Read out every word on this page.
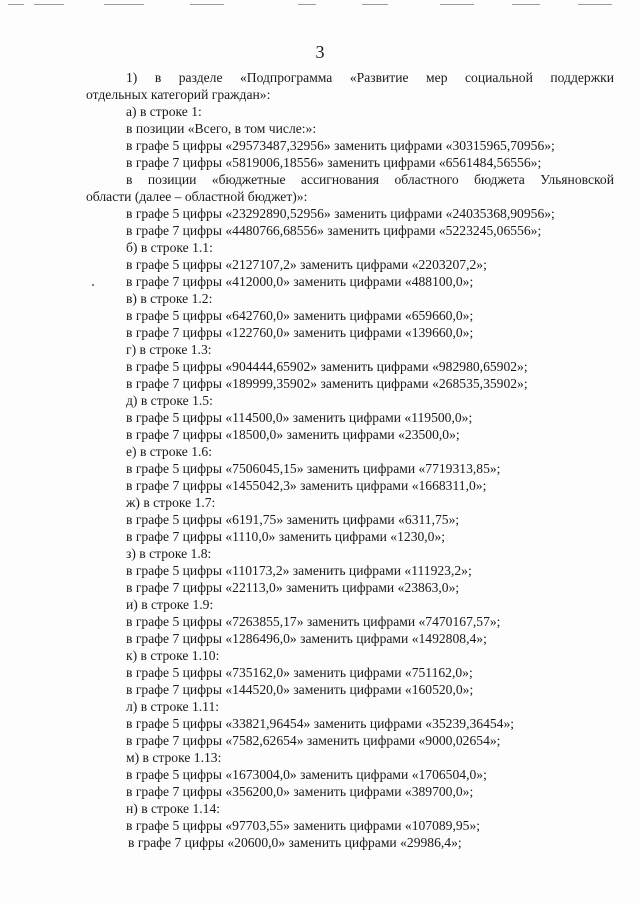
3
1) в разделе «Подпрограмма «Развитие мер социальной поддержки
отдельных категорий граждан»:
а) в строке 1:
в позиции «Всего, в том числе:»:
в графе 5 цифры «29573487,32956» заменить цифрами «30315965,70956»;
в графе 7 цифры «5819006,18556» заменить цифрами «6561484,56556»;
в позиции «бюджетные ассигнования областного бюджета Ульяновской
области (далее – областной бюджет)»:
в графе 5 цифры «23292890,52956» заменить цифрами «24035368,90956»;
в графе 7 цифры «4480766,68556» заменить цифрами «5223245,06556»;
б) в строке 1.1:
в графе 5 цифры «2127107,2» заменить цифрами «2203207,2»;
в графе 7 цифры «412000,0» заменить цифрами «488100,0»;
в) в строке 1.2:
в графе 5 цифры «642760,0» заменить цифрами «659660,0»;
в графе 7 цифры «122760,0» заменить цифрами «139660,0»;
г) в строке 1.3:
в графе 5 цифры «904444,65902» заменить цифрами «982980,65902»;
в графе 7 цифры «189999,35902» заменить цифрами «268535,35902»;
д) в строке 1.5:
в графе 5 цифры «114500,0» заменить цифрами «119500,0»;
в графе 7 цифры «18500,0» заменить цифрами «23500,0»;
е) в строке 1.6:
в графе 5 цифры «7506045,15» заменить цифрами «7719313,85»;
в графе 7 цифры «1455042,3» заменить цифрами «1668311,0»;
ж) в строке 1.7:
в графе 5 цифры «6191,75» заменить цифрами «6311,75»;
в графе 7 цифры «1110,0» заменить цифрами «1230,0»;
з) в строке 1.8:
в графе 5 цифры «110173,2» заменить цифрами «111923,2»;
в графе 7 цифры «22113,0» заменить цифрами «23863,0»;
и) в строке 1.9:
в графе 5 цифры «7263855,17» заменить цифрами «7470167,57»;
в графе 7 цифры «1286496,0» заменить цифрами «1492808,4»;
к) в строке 1.10:
в графе 5 цифры «735162,0» заменить цифрами «751162,0»;
в графе 7 цифры «144520,0» заменить цифрами «160520,0»;
л) в строке 1.11:
в графе 5 цифры «33821,96454» заменить цифрами «35239,36454»;
в графе 7 цифры «7582,62654» заменить цифрами «9000,02654»;
м) в строке 1.13:
в графе 5 цифры «1673004,0» заменить цифрами «1706504,0»;
в графе 7 цифры «356200,0» заменить цифрами «389700,0»;
н) в строке 1.14:
в графе 5 цифры «97703,55» заменить цифрами «107089,95»;
в графе 7 цифры «20600,0» заменить цифрами «29986,4»;
